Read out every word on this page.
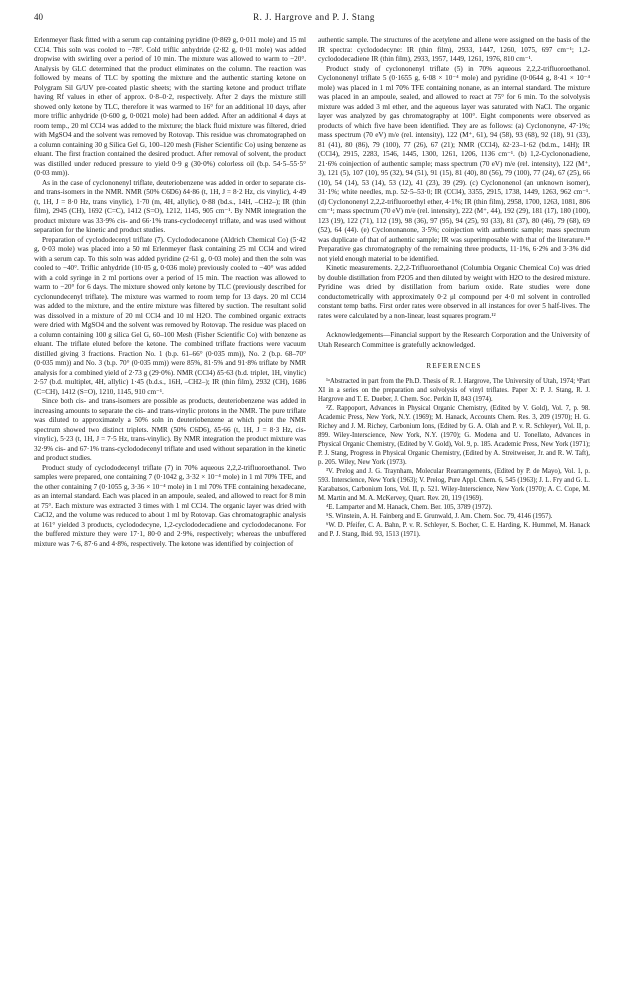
40	R. J. Hargrove and P. J. Stang

Erlenmeyer flask fitted with a serum cap containing pyridine (0·869 g, 0·011 mole) and 15 ml CCl4. This soln was cooled to −78°. Cold triflic anhydride (2·82 g, 0·01 mole) was added dropwise with swirling over a period of 10 min. The mixture was allowed to warm to −20°. Analysis by GLC determined that the product eliminates on the column. The reaction was followed by means of TLC by spotting the mixture and the authentic starting ketone on Polygram Sil G/UV pre-coated plastic sheets; with the starting ketone and product triflate having Rf values in ether of approx. 0·8–0·2, respectively. After 2 days the mixture still showed only ketone by TLC, therefore it was warmed to 16° for an additional 10 days, after more triflic anhydride (0·600 g, 0·0021 mole) had been added. After an additional 4 days at room temp., 20 ml CCl4 was added to the mixture; the black fluid mixture was filtered, dried with MgSO4 and the solvent was removed by Rotovap. This residue was chromatographed on a column containing 30 g Silica Gel G, 100–120 mesh (Fisher Scientific Co) using benzene as eluant. The first fraction contained the desired product. After removal of solvent, the product was distilled under reduced pressure to yield 0·9 g (30·0%) colorless oil (b.p. 54·5–55·5° (0·03 mm)).

As in the case of cyclononenyl triflate, deuteriobenzene was added in order to separate cis- and trans-isomers in the NMR. NMR (50% C6D6) δ4·86 (t, 1H, J = 8·2 Hz, cis vinylic), 4·49 (t, 1H, J = 8·0 Hz, trans vinylic), 1·70 (m, 4H, allylic), 0·88 (bd.s., 14H, –CH2–); IR (thin film), 2945 (CH), 1692 (C=C), 1412 (S=O), 1212, 1145, 905 cm⁻¹. By NMR integration the product mixture was 33·9% cis- and 66·1% trans-cyclodecenyl triflate, and was used without separation for the kinetic and product studies.

Preparation of cyclododecenyl triflate (7). Cyclododecanone (Aldrich Chemical Co) (5·42 g, 0·03 mole) was placed into a 50 ml Erlenmeyer flask containing 25 ml CCl4 and wired with a serum cap. To this soln was added pyridine (2·61 g, 0·03 mole) and then the soln was cooled to −40°. Triflic anhydride (10·05 g, 0·036 mole) previously cooled to −40° was added with a cold syringe in 2 ml portions over a period of 15 min. The reaction was allowed to warm to −20° for 6 days. The mixture showed only ketone by TLC (previously described for cyclonundecenyl triflate). The mixture was warmed to room temp for 13 days. 20 ml CCl4 was added to the mixture, and the entire mixture was filtered by suction. The resultant solid was dissolved in a mixture of 20 ml CCl4 and 10 ml H2O. The combined organic extracts were dried with MgSO4 and the solvent was removed by Rotovap. The residue was placed on a column containing 100 g silica Gel G, 60–100 Mesh (Fisher Scientific Co) with benzene as eluant. The triflate eluted before the ketone. The combined triflate fractions were vacuum distilled giving 3 fractions. Fraction No. 1 (b.p. 61–66° (0·035 mm)), No. 2 (b.p. 68–70° (0·035 mm)) and No. 3 (b.p. 70° (0·035 mm)) were 85%, 81·5% and 91·8% triflate by NMR analysis for a combined yield of 2·73 g (29·0%). NMR (CCl4) δ5·63 (b.d. triplet, 1H, vinylic) 2·57 (b.d. multiplet, 4H, allylic) 1·45 (b.d.s., 16H, –CH2–); IR (thin film), 2932 (CH), 1686 (C=CH), 1412 (S=O), 1210, 1145, 910 cm⁻¹.

Since both cis- and trans-isomers are possible as products, deuteriobenzene was added in increasing amounts to separate the cis- and trans-vinylic protons in the NMR. The pure triflate was diluted to approximately a 50% soln in deuteriobenzene at which point the NMR spectrum showed two distinct triplets. NMR (50% C6D6), δ5·66 (t, 1H, J = 8·3 Hz, cis-vinylic), 5·23 (t, 1H, J = 7·5 Hz, trans-vinylic). By NMR integration the product mixture was 32·9% cis- and 67·1% trans-cyclododecenyl triflate and used without separation in the kinetic and product studies.

Product study of cyclododecenyl triflate (7) in 70% aqueous 2,2,2-trifluoroethanol. Two samples were prepared, one containing 7 (0·1042 g, 3·32 × 10⁻⁴ mole) in 1 ml 70% TFE, and the other containing 7 (0·1055 g, 3·36 × 10⁻⁴ mole) in 1 ml 70% TFE containing hexadecane, as an internal standard. Each was placed in an ampoule, sealed, and allowed to react for 8 min at 75°. Each mixture was extracted 3 times with 1 ml CCl4. The organic layer was dried with CaCl2, and the volume was reduced to about 1 ml by Rotovap. Gas chromatographic analysis at 161° yielded 3 products, cyclododecyne, 1,2-cyclododecadiene and cyclododecanone. For the buffered mixture they were 17·1, 80·0 and 2·9%, respectively; whereas the unbuffered mixture was 7·6, 87·6 and 4·8%, respectively. The ketone was identified by coinjection of

authentic sample. The structures of the acetylene and allene were assigned on the basis of the IR spectra: cyclododecyne: IR (thin film), 2933, 1447, 1260, 1075, 697 cm⁻¹; 1,2-cyclododecadiene IR (thin film), 2933, 1957, 1449, 1261, 1976, 810 cm⁻¹.

Product study of cyclononenyl triflate (5) in 70% aqueous 2,2,2-trifluoroethanol. Cyclononenyl triflate 5 (0·1655 g, 6·08 × 10⁻⁴ mole) and pyridine (0·0644 g, 8·41 × 10⁻⁴ mole) was placed in 1 ml 70% TFE containing nonane, as an internal standard. The mixture was placed in an ampoule, sealed, and allowed to react at 75° for 6 min. To the solvolysis mixture was added 3 ml ether, and the aqueous layer was saturated with NaCl. The organic layer was analyzed by gas chromatography at 100°. Eight components were observed as products of which five have been identified. They are as follows: (a) Cyclononyne, 47·1%; mass spectrum (70 eV) m/e (rel. intensity), 122 (M⁺, 61), 94 (58), 93 (68), 92 (18), 91 (33), 81 (41), 80 (86), 79 (100), 77 (26), 67 (21); NMR (CCl4), δ2·23–1·62 (bd.m., 14H); IR (CCl4), 2915, 2283, 1546, 1445, 1300, 1261, 1206, 1136 cm⁻¹. (b) 1,2-Cyclononadiene, 21·6% coinjection of authentic sample; mass spectrum (70 eV) m/e (rel. intensity), 122 (M⁺, 3), 121 (5), 107 (10), 95 (32), 94 (51), 91 (15), 81 (40), 80 (56), 79 (100), 77 (24), 67 (25), 66 (10), 54 (14), 53 (14), 53 (12), 41 (23), 39 (29). (c) Cyclononenol (an unknown isomer), 31·1%; white needles, m.p. 52·5–53·0; IR (CCl4), 3355, 2915, 1738, 1449, 1263, 962 cm⁻¹. (d) Cyclononenyl 2,2,2-trifluoroethyl ether, 4·1%; IR (thin film), 2958, 1700, 1263, 1081, 806 cm⁻¹; mass spectrum (70 eV) m/e (rel. intensity), 222 (M⁺, 44), 192 (29), 181 (17), 180 (100), 123 (19), 122 (71), 112 (19), 98 (36), 97 (95), 94 (25), 93 (33), 81 (37), 80 (46), 79 (68), 69 (52), 64 (44). (e) Cyclononanone, 3·5%; coinjection with authentic sample; mass spectrum was duplicate of that of authentic sample; IR was superimposable with that of the literature.¹⁸ Preparative gas chromatography of the remaining three products, 11·1%, 6·2% and 3·3% did not yield enough material to be identified.

Kinetic measurements. 2,2,2-Trifluoroethanol (Columbia Organic Chemical Co) was dried by double distillation from P2O5 and then diluted by weight with H2O to the desired mixture. Pyridine was dried by distillation from barium oxide. Rate studies were done conductometrically with approximately 0·2 μl compound per 4·0 ml solvent in controlled constant temp baths. First order rates were observed in all instances for over 5 half-lives. The rates were calculated by a non-linear, least squares program.¹²

Acknowledgements—Financial support by the Research Corporation and the University of Utah Research Committee is gratefully acknowledged.

REFERENCES

¹ᵃAbstracted in part from the Ph.D. Thesis of R. J. Hargrove, The University of Utah, 1974; ᵇPart XI in a series on the preparation and solvolysis of vinyl triflates. Paper X: P. J. Stang, R. J. Hargrove and T. E. Dueber, J. Chem. Soc. Perkin II, 843 (1974).

²Z. Rappoport, Advances in Physical Organic Chemistry, (Edited by V. Gold), Vol. 7, p. 98. Academic Press, New York, N.Y. (1969); M. Hanack, Accounts Chem. Res. 3, 209 (1970); H. G. Richey and J. M. Richey, Carbonium Ions, (Edited by G. A. Olah and P. v. R. Schleyer), Vol. II, p. 899. Wiley-Interscience, New York, N.Y. (1970); G. Modena and U. Tonellato, Advances in Physical Organic Chemistry, (Edited by V. Gold), Vol. 9, p. 185. Academic Press, New York (1971); P. J. Stang, Progress in Physical Organic Chemistry, (Edited by A. Streitweiser, Jr. and R. W. Taft), p. 205. Wiley, New York (1973).

³V. Prelog and J. G. Traynham, Molecular Rearrangements, (Edited by P. de Mayo), Vol. 1, p. 593. Interscience, New York (1963); V. Prelog, Pure Appl. Chem. 6, 545 (1963); J. L. Fry and G. L. Karabatsos, Carbonium Ions, Vol. II, p. 521. Wiley-Interscience, New York (1970); A. C. Cope, M. M. Martin and M. A. McKervey, Quart. Rev. 20, 119 (1969).

⁴E. Lamparter and M. Hanack, Chem. Ber. 105, 3789 (1972).

⁵S. Winstein, A. H. Fainberg and E. Grunwald, J. Am. Chem. Soc. 79, 4146 (1957).

⁶W. D. Pfeifer, C. A. Bahn, P. v. R. Schleyer, S. Bocher, C. E. Harding, K. Hummel, M. Hanack and P. J. Stang, Ibid. 93, 1513 (1971).
